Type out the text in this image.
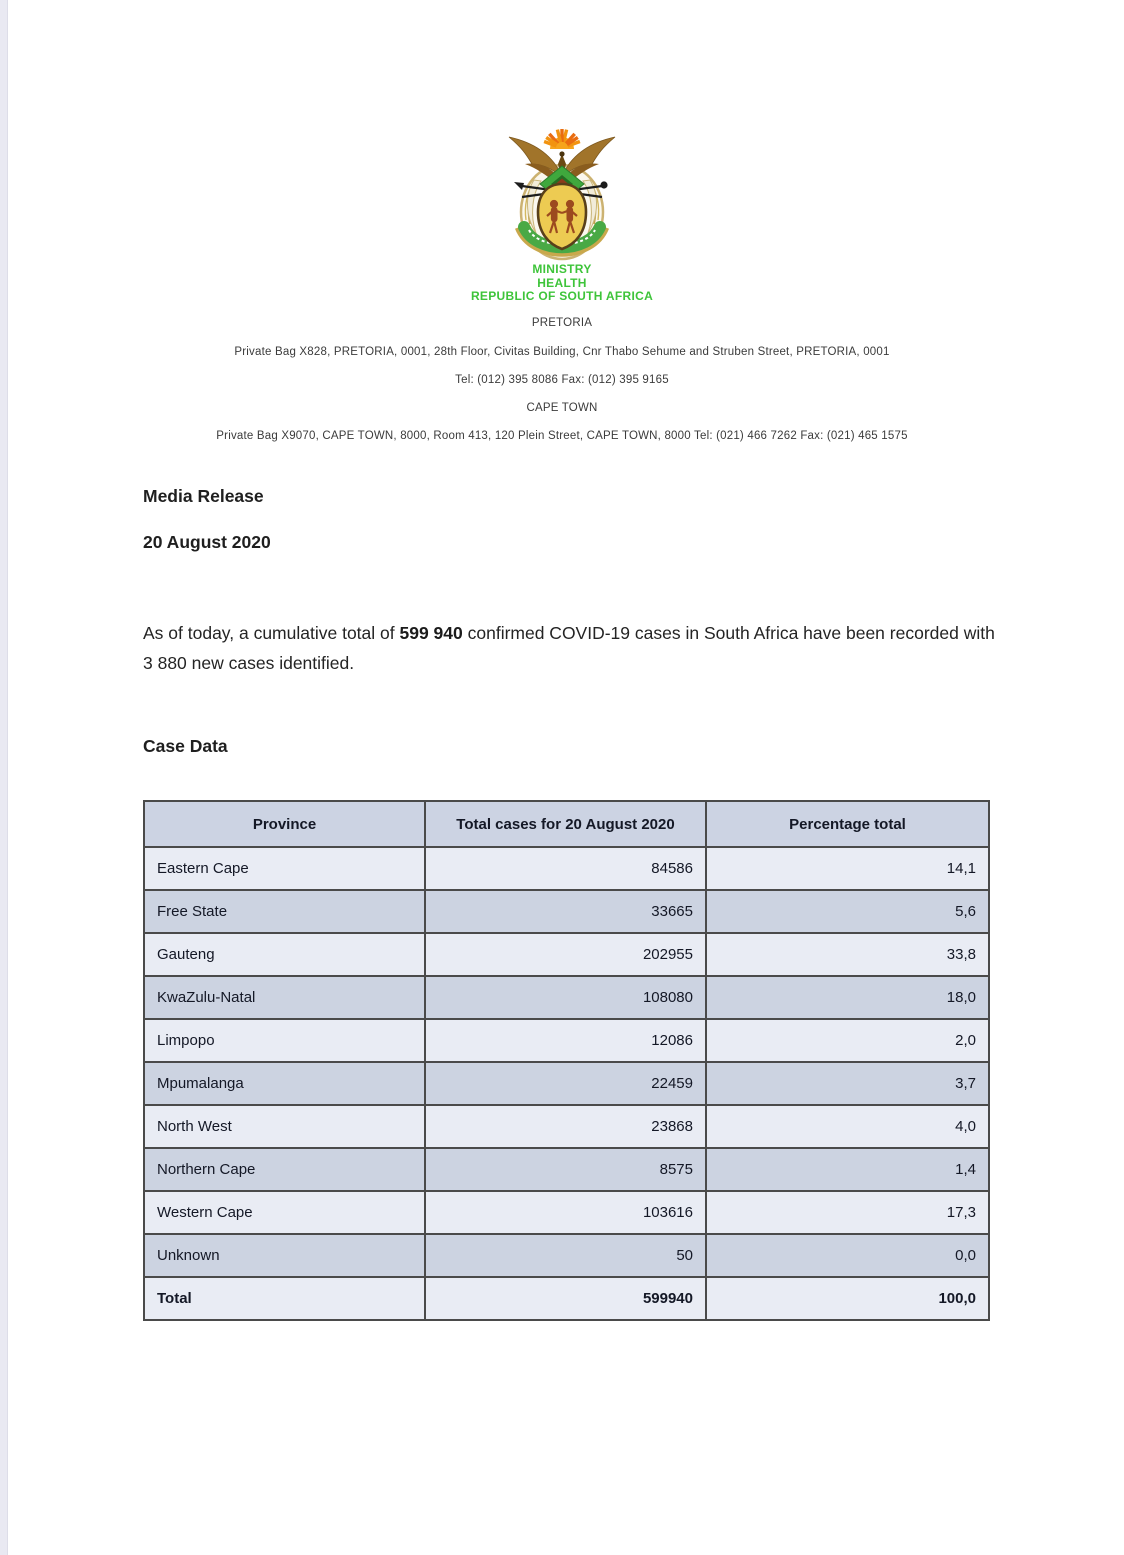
MINISTRY
HEALTH
REPUBLIC OF SOUTH AFRICA
PRETORIA
Private Bag X828, PRETORIA, 0001, 28th Floor, Civitas Building, Cnr Thabo Sehume and Struben Street, PRETORIA, 0001
Tel: (012) 395 8086 Fax: (012) 395 9165
CAPE TOWN
Private Bag X9070, CAPE TOWN, 8000, Room 413, 120 Plein Street, CAPE TOWN, 8000 Tel: (021) 466 7262 Fax: (021) 465 1575
Media Release
20 August 2020
As of today, a cumulative total of 599 940 confirmed COVID-19 cases in South Africa have been recorded with 3 880 new cases identified.
Case Data
Province	Total cases for 20 August 2020	Percentage total
Eastern Cape	84586	14,1
Free State	33665	5,6
Gauteng	202955	33,8
KwaZulu-Natal	108080	18,0
Limpopo	12086	2,0
Mpumalanga	22459	3,7
North West	23868	4,0
Northern Cape	8575	1,4
Western Cape	103616	17,3
Unknown	50	0,0
Total	599940	100,0
